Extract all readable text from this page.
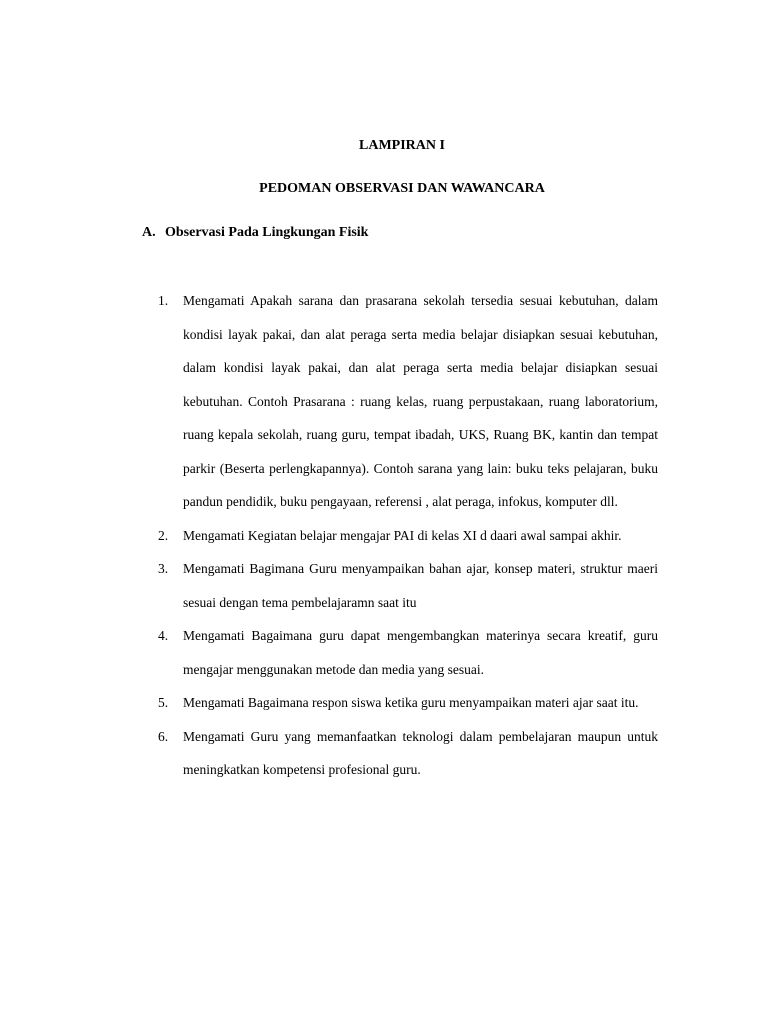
LAMPIRAN I
PEDOMAN OBSERVASI DAN WAWANCARA

A. Observasi Pada Lingkungan Fisik

1. Mengamati Apakah sarana dan prasarana sekolah tersedia sesuai kebutuhan, dalam kondisi layak pakai, dan alat peraga serta media belajar disiapkan sesuai kebutuhan, dalam kondisi layak pakai, dan alat peraga serta media belajar disiapkan sesuai kebutuhan. Contoh Prasarana : ruang kelas, ruang perpustakaan, ruang laboratorium, ruang kepala sekolah, ruang guru, tempat ibadah, UKS, Ruang BK, kantin dan tempat parkir (Beserta perlengkapannya). Contoh sarana yang lain: buku teks pelajaran, buku pandun pendidik, buku pengayaan, referensi , alat peraga, infokus, komputer dll.
2. Mengamati Kegiatan belajar mengajar PAI di kelas XI d daari awal sampai akhir.
3. Mengamati Bagimana Guru menyampaikan bahan ajar, konsep materi, struktur maeri sesuai dengan tema pembelajaramn saat itu
4. Mengamati Bagaimana guru dapat mengembangkan materinya secara kreatif, guru mengajar menggunakan metode dan media yang sesuai.
5. Mengamati Bagaimana respon siswa ketika guru menyampaikan materi ajar saat itu.
6. Mengamati Guru yang memanfaatkan teknologi dalam pembelajaran maupun untuk meningkatkan kompetensi profesional guru.
